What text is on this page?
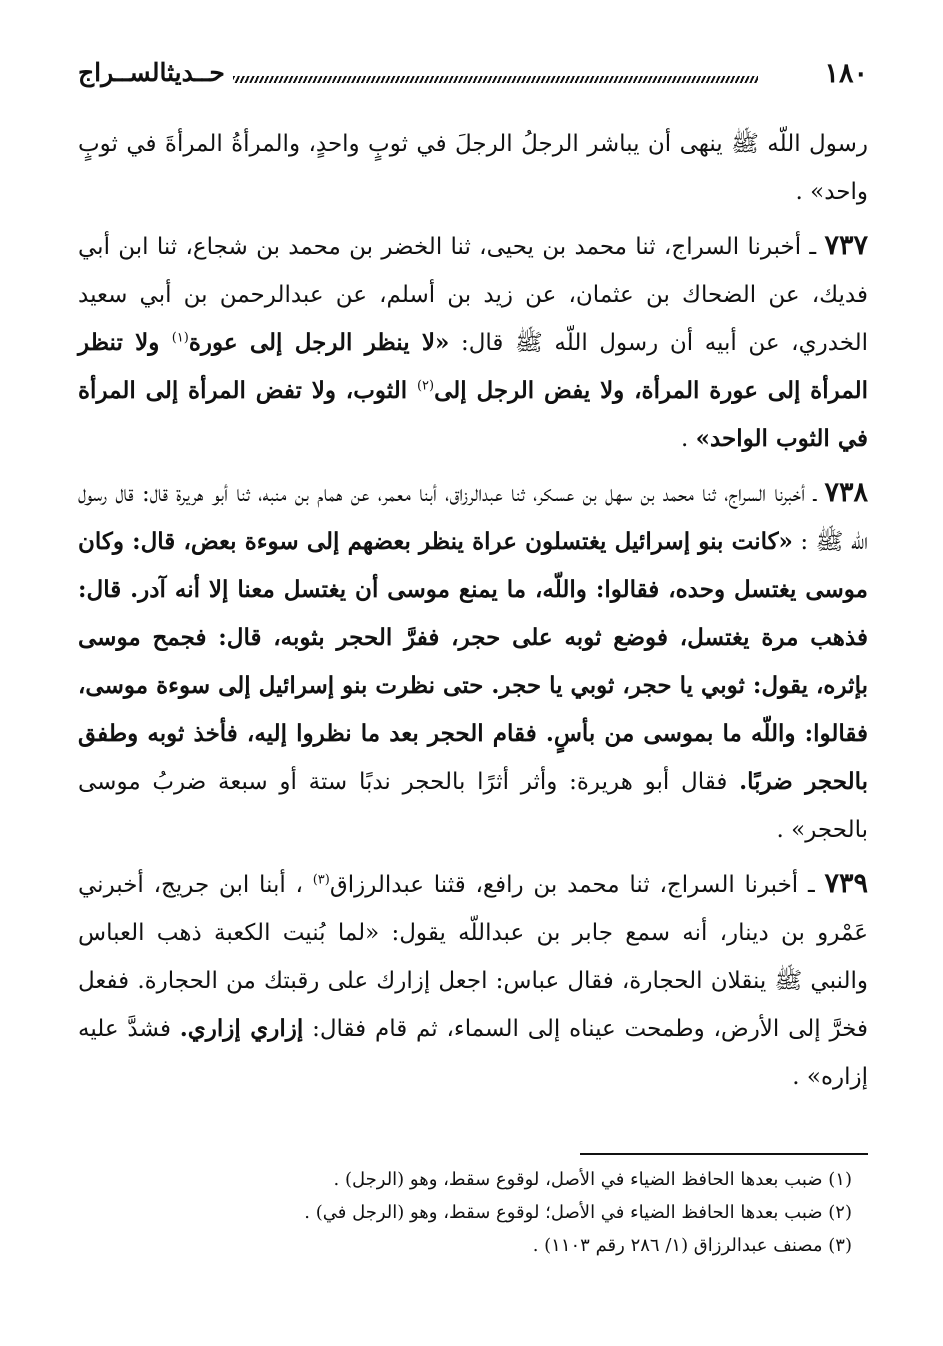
١٨٠
حــديثالســراج

رسول اللّه ﷺ ينهى أن يباشر الرجلُ الرجلَ في ثوبٍ واحدٍ، والمرأةُ المرأةَ في ثوبٍ واحد» .

٧٣٧ ـ أخبرنا السراج، ثنا محمد بن يحيى، ثنا الخضر بن محمد بن شجاع، ثنا ابن أبي فديك، عن الضحاك بن عثمان، عن زيد بن أسلم، عن عبدالرحمن بن أبي سعيد الخدري، عن أبيه أن رسول اللّه ﷺ قال: «لا ينظر الرجل إلى عورة$^{(١)}$ ولا تنظر المرأة إلى عورة المرأة، ولا يفض الرجل إلى$^{(٢)}$ الثوب، ولا تفض المرأة إلى المرأة في الثوب الواحد» .

٧٣٨ ـ أخبرنا السراج، ثنا محمد بن سهل بن عسكر، ثنا عبدالرزاق، أبنا معمر، عن همام بن منبه، ثنا أبو هريرة قال: قال رسول اللّه ﷺ : «كانت بنو إسرائيل يغتسلون عراة ينظر بعضهم إلى سوءة بعض، قال: وكان موسى يغتسل وحده، فقالوا: واللّه، ما يمنع موسى أن يغتسل معنا إلا أنه آدر. قال: فذهب مرة يغتسل، فوضع ثوبه على حجر، ففرَّ الحجر بثوبه، قال: فجمح موسى بإثره، يقول: ثوبي يا حجر، ثوبي يا حجر. حتى نظرت بنو إسرائيل إلى سوءة موسى، فقالوا: واللّه ما بموسى من بأسٍ. فقام الحجر بعد ما نظروا إليه، فأخذ ثوبه وطفق بالحجر ضربًا. فقال أبو هريرة: وأثر أثرًا بالحجر ندبًا ستة أو سبعة ضربُ موسى بالحجر» .

٧٣٩ ـ أخبرنا السراج، ثنا محمد بن رافع، قثنا عبدالرزاق$^{(٣)}$ ، أبنا ابن جريج، أخبرني عَمْرو بن دينار، أنه سمع جابر بن عبداللّه يقول: «لما بُنيت الكعبة ذهب العباس والنبي ﷺ ينقلان الحجارة، فقال عباس: اجعل إزارك على رقبتك من الحجارة. ففعل فخرَّ إلى الأرض، وطمحت عيناه إلى السماء، ثم قام فقال: إزاري إزاري. فشدَّ عليه إزاره» .

(١) ضبب بعدها الحافظ الضياء في الأصل، لوقوع سقط، وهو (الرجل) .
(٢) ضبب بعدها الحافظ الضياء في الأصل؛ لوقوع سقط، وهو (الرجل في) .
(٣) مصنف عبدالرزاق (١/ ٢٨٦ رقم ١١٠٣) .
